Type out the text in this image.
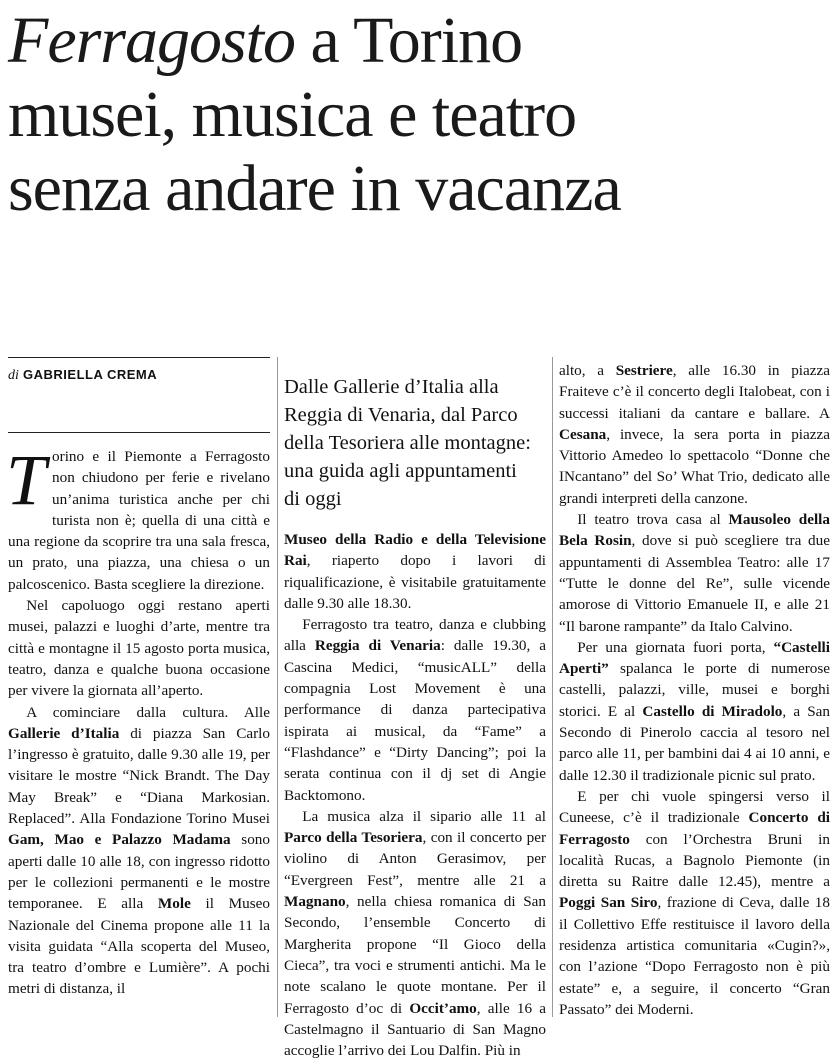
Ferragosto a Torino
musei, musica e teatro
senza andare in vacanza
di GABRIELLA CREMA

Torino e il Piemonte a Ferragosto non chiudono per ferie e rivelano un’anima turistica anche per chi turista non è; quella di una città e una regione da scoprire tra una sala fresca, un prato, una piazza, una chiesa o un palcoscenico. Basta scegliere la direzione.

Nel capoluogo oggi restano aperti musei, palazzi e luoghi d’arte, mentre tra città e montagne il 15 agosto porta musica, teatro, danza e qualche buona occasione per vivere la giornata all’aperto.

A cominciare dalla cultura. Alle Gallerie d’Italia di piazza San Carlo l’ingresso è gratuito, dalle 9.30 alle 19, per visitare le mostre “Nick Brandt. The Day May Break” e “Diana Markosian. Replaced”. Alla Fondazione Torino Musei Gam, Mao e Palazzo Madama sono aperti dalle 10 alle 18, con ingresso ridotto per le collezioni permanenti e le mostre temporanee. E alla Mole il Museo Nazionale del Cinema propone alle 11 la visita guidata “Alla scoperta del Museo, tra teatro d’ombre e Lumière”. A pochi metri di distanza, il

Dalle Gallerie d’Italia alla Reggia di Venaria, dal Parco della Tesoriera alle montagne: una guida agli appuntamenti di oggi

Museo della Radio e della Televisione Rai, riaperto dopo i lavori di riqualificazione, è visitabile gratuitamente dalle 9.30 alle 18.30.

Ferragosto tra teatro, danza e clubbing alla Reggia di Venaria: dalle 19.30, a Cascina Medici, “musicALL” della compagnia Lost Movement è una performance di danza partecipativa ispirata ai musical, da “Fame” a “Flashdance” e “Dirty Dancing”; poi la serata continua con il dj set di Angie Backtomono.

La musica alza il sipario alle 11 al Parco della Tesoriera, con il concerto per violino di Anton Gerasimov, per “Evergreen Fest”, mentre alle 21 a Magnano, nella chiesa romanica di San Secondo, l’ensemble Concerto di Margherita propone “Il Gioco della Cieca”, tra voci e strumenti antichi. Ma le note scalano le quote montane. Per il Ferragosto d’oc di Occit’amo, alle 16 a Castelmagno il Santuario di San Magno accoglie l’arrivo dei Lou Dalfin. Più in

alto, a Sestriere, alle 16.30 in piazza Fraiteve c’è il concerto degli Italobeat, con i successi italiani da cantare e ballare. A Cesana, invece, la sera porta in piazza Vittorio Amedeo lo spettacolo “Donne che INcantano” del So’ What Trio, dedicato alle grandi interpreti della canzone.

Il teatro trova casa al Mausoleo della Bela Rosin, dove si può scegliere tra due appuntamenti di Assemblea Teatro: alle 17 “Tutte le donne del Re”, sulle vicende amorose di Vittorio Emanuele II, e alle 21 “Il barone rampante” da Italo Calvino.

Per una giornata fuori porta, “Castelli Aperti” spalanca le porte di numerose castelli, palazzi, ville, musei e borghi storici. E al Castello di Miradolo, a San Secondo di Pinerolo caccia al tesoro nel parco alle 11, per bambini dai 4 ai 10 anni, e dalle 12.30 il tradizionale picnic sul prato.

E per chi vuole spingersi verso il Cuneese, c’è il tradizionale Concerto di Ferragosto con l’Orchestra Bruni in località Rucas, a Bagnolo Piemonte (in diretta su Raitre dalle 12.45), mentre a Poggi San Siro, frazione di Ceva, dalle 18 il Collettivo Effe restituisce il lavoro della residenza artistica comunitaria «Cugin?», con l’azione “Dopo Ferragosto non è più estate” e, a seguire, il concerto “Gran Passato” dei Moderni.
